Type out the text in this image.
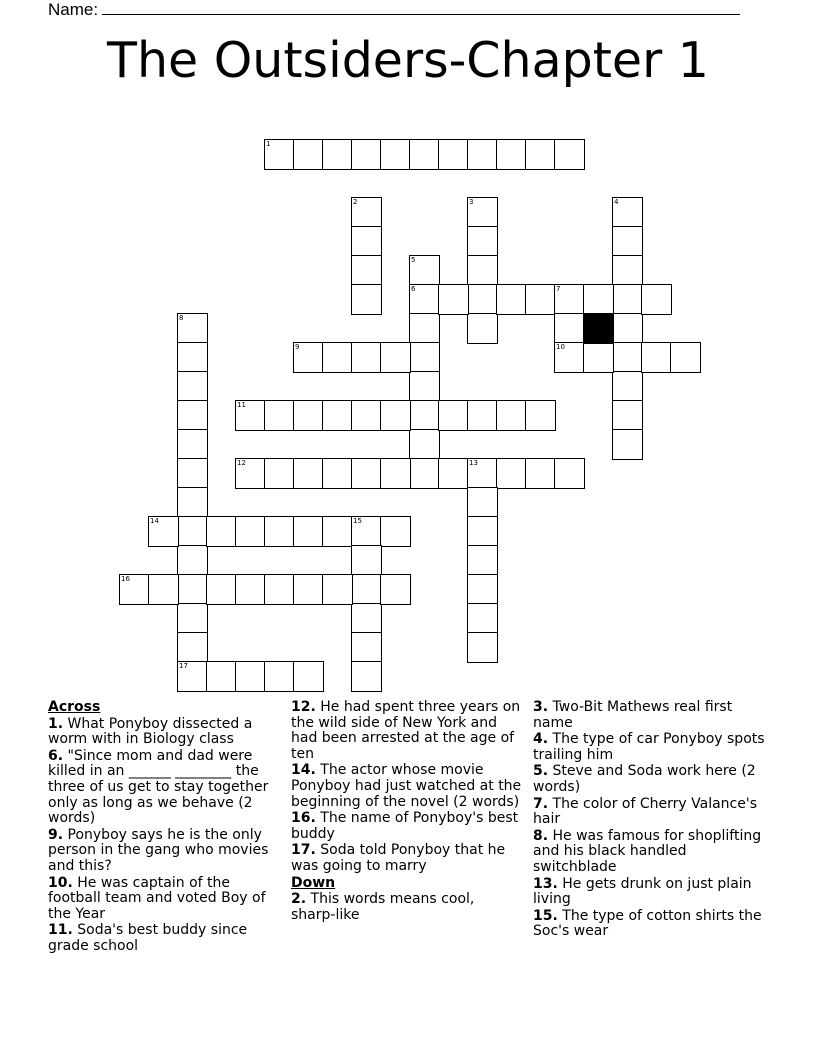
Name:
The Outsiders-Chapter 1
1
2	3	4
5
6	7
8
9	10
11
12	13
14	15
16
17
Across
1. What Ponyboy dissected a worm with in Biology class
6. "Since mom and dad were killed in an ______ ________ the three of us get to stay together only as long as we behave (2 words)
9. Ponyboy says he is the only person in the gang who movies and this?
10. He was captain of the football team and voted Boy of the Year
11. Soda's best buddy since grade school
12. He had spent three years on the wild side of New York and had been arrested at the age of ten
14. The actor whose movie Ponyboy had just watched at the beginning of the novel (2 words)
16. The name of Ponyboy's best buddy
17. Soda told Ponyboy that he was going to marry
Down
2. This words means cool, sharp-like
3. Two-Bit Mathews real first name
4. The type of car Ponyboy spots trailing him
5. Steve and Soda work here (2 words)
7. The color of Cherry Valance's hair
8. He was famous for shoplifting and his black handled switchblade
13. He gets drunk on just plain living
15. The type of cotton shirts the Soc's wear
